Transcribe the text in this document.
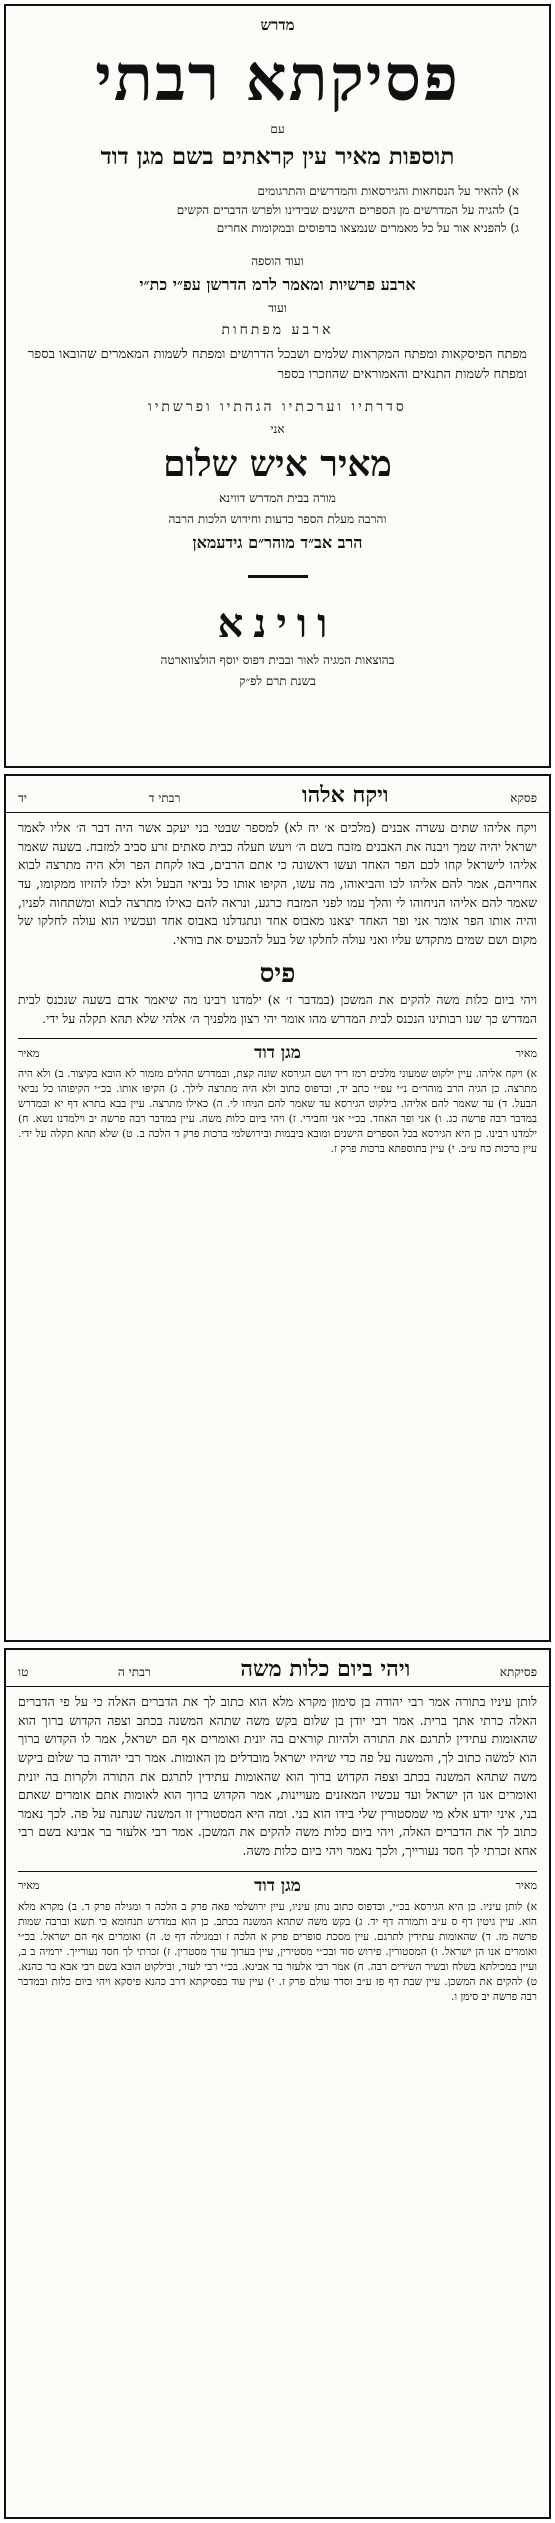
מדרש
פסיקתא רבתי
עם
תוספות מאיר עין קראתים בשם מגן דוד
א) להאיר על הנסחאות והגירסאות והמדרשים והתרגומים
ב) להגיה על המדרשים מן הספרים הישנים שבידינו ולפרש הדברים הקשים
ג) להפניא אור על כל מאמרים שנמצאו בדפוסים ובמקומות אחרים
ועוד הוספה
ארבע פרשיות ומאמר לרמ הדרשן עפ״י כת״י
ועוד
ארבע מפתחות
מפתח הפיסקאות ומפתח המקראות שלמים ושבכל הדרושים ומפתח לשמות המאמרים שהובאו בספר ומפתח לשמות התנאים והאמוראים שהוזכרו בספר
סדרתיו וערכתיו הגהתיו ופרשתיו
אני
מאיר איש שלום
מורה בבית המדרש דווינא
והרבה מעלת הספר כדעות וחידוש הלכות הרבה
הרב אב״ד מוהר״ם גידעמאן
ווינא
בהוצאות המגיה לאור ובבית דפוס יוסף הולצווארטה
בשנת תרם לפ״ק
פסקא
ויקח אלהו
רבתי ד
יד
ויקח אליהו שתים עשרה אבנים (מלכים א׳ יח לא) למספר שבטי בני יעקב אשר היה דבר ה׳ אליו לאמר ישראל יהיה שמך ויבנה את האבנים מזבח בשם ה׳ ויעש תעלה כבית סאתים זרע סביב למזבח. בשעה שאמר אליהו לישראל קחו לכם הפר האחד ועשו ראשונה כי אתם הרבים, באו לקחת הפר ולא היה מתרצה לבוא אחריהם, אמר להם אליהו לכו והביאוהו, מה עשו, הקיפו אותו כל נביאי הבעל ולא יכלו להזיזו ממקומו, עד שאמר להם אליהו הניחוהו לי והלך עמו לפני המזבח כרגע, ונראה להם כאילו מתרצה לבוא ומשתחוה לפניו, והיה אותו הפר אומר אני ופר האחד יצאנו מאבוס אחד ונתגדלנו באבוס אחד ועכשיו הוא עולה לחלקו של מקום ושם שמים מתקדש עליו ואני עולה לחלקו של בעל להכעיס את בוראי.
פיס
ויהי ביום כלות משה להקים את המשכן (במדבר ז׳ א) ילמדנו רבינו מה שיאמר אדם בשעה שנכנס לבית המדרש כך שנו רבותינו הנכנס לבית המדרש מהו אומר יהי רצון מלפניך ה׳ אלהי שלא תהא תקלה על ידי.
מאיר
מגן דוד
מאיר
א) ויקח אליהו. עיין ילקוט שמעוני מלכים רמז ריד ושם הגירסא שונה קצת, ובמדרש תהלים מזמור לא הובא בקיצור. ב) ולא היה מתרצה. כן הגיה הרב מוהר״ם נ״י עפ״י כתב יד, ובדפוס כתוב ולא היה מתרצה לילך. ג) הקיפו אותו. בכ״י הקיפוהו כל נביאי הבעל. ד) עד שאמר להם אליהו. בילקוט הגירסא עד שאמר להם הניחו לי. ה) כאילו מתרצה. עיין בבא בתרא דף יא ובמדרש במדבר רבה פרשה כג. ו) אני ופר האחד. בכ״י אני וחבירי. ז) ויהי ביום כלות משה. עיין במדבר רבה פרשה יב וילמדנו נשא. ח) ילמדנו רבינו. כן היא הגירסא בכל הספרים הישנים ומובא ביבמות ובירושלמי ברכות פרק ד הלכה ב. ט) שלא תהא תקלה על ידי. עיין ברכות כח ע״ב. י) עיין בתוספתא ברכות פרק ז.
פסיקתא
ויהי ביום כלות משה
רבתי ה
טו
לותן עיניו בתורה אמר רבי יהודה בן סימון מקרא מלא הוא כתוב לך את הדברים האלה כי על פי הדברים האלה כרתי אתך ברית. אמר רבי יודן בן שלום בקש משה שתהא המשנה בכתב וצפה הקדוש ברוך הוא שהאומות עתידין לתרגם את התורה ולהיות קוראים בה יונית ואומרים אף הם ישראל, אמר לו הקדוש ברוך הוא למשה כתוב לך, והמשנה על פה כדי שיהיו ישראל מובדלים מן האומות. אמר רבי יהודה בר שלום ביקש משה שתהא המשנה בכתב וצפה הקדוש ברוך הוא שהאומות עתידין לתרגם את התורה ולקרות בה יונית ואומרים אנו הן ישראל ועד עכשיו המאזנים מעויינות, אמר הקדוש ברוך הוא לאומות אתם אומרים שאתם בני, איני יודע אלא מי שמסטורין שלי בידו הוא בני. ומה היא המסטורין זו המשנה שנתנה על פה. לכך נאמר כתוב לך את הדברים האלה, ויהי ביום כלות משה להקים את המשכן. אמר רבי אלעזר בר אבינא בשם רבי אחא זכרתי לך חסד נעורייך, ולכך נאמר ויהי ביום כלות משה.
מאיר
מגן דוד
מאיר
א) לותן עיניו. כן היא הגירסא בכ״י, ובדפוס כתוב נותן עיניו, עיין ירושלמי פאה פרק ב הלכה ד ומגילה פרק ד. ב) מקרא מלא הוא. עיין גיטין דף ס ע״ב ותמורה דף יד. ג) בקש משה שתהא המשנה בכתב. כן הוא במדרש תנחומא כי תשא וברבה שמות פרשה מז. ד) שהאומות עתידין לתרגם. עיין מסכת סופרים פרק א הלכה ז ובמגילה דף ט. ה) ואומרים אף הם ישראל. בכ״י ואומרים אנו הן ישראל. ו) המסטורין. פירוש סוד ובכ״י מסטירין, עיין בערוך ערך מסטרין. ז) זכרתי לך חסד נעורייך. ירמיה ב ב, ועיין במכילתא בשלח ובשיר השירים רבה. ח) אמר רבי אלעזר בר אבינא. בכ״י רבי לעזר, ובילקוט הובא בשם רבי אבא בר כהנא. ט) להקים את המשכן. עיין שבת דף פז ע״ב וסדר עולם פרק ז. י) עיין עוד בפסיקתא דרב כהנא פיסקא ויהי ביום כלות ובמדבר רבה פרשה יב סימן ו.
